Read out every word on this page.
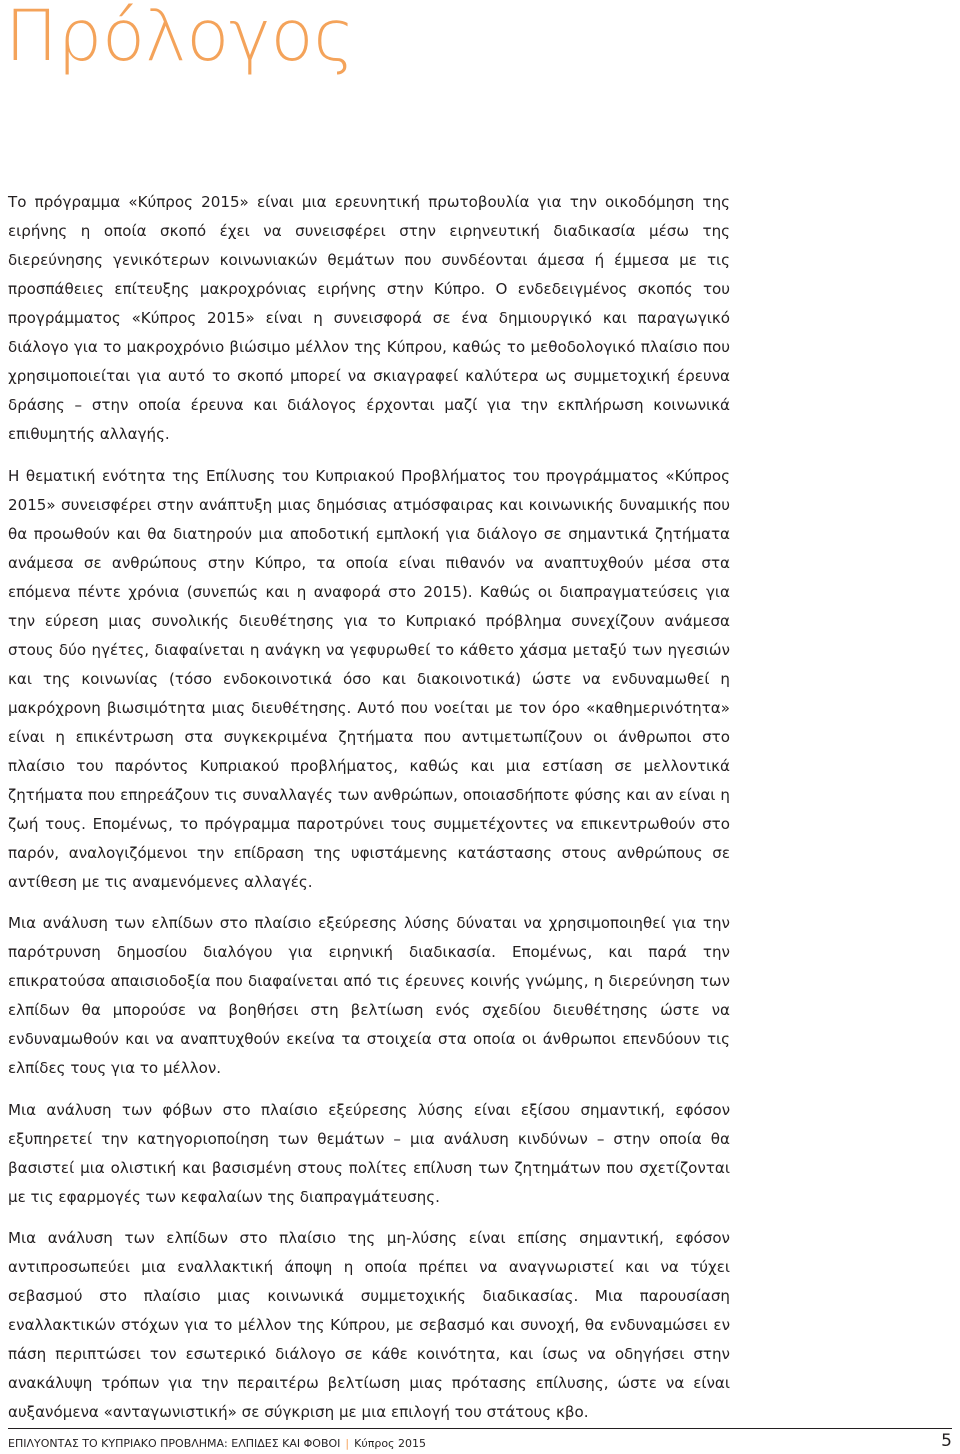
Πρόλογος

Το πρόγραμμα «Κύπρος 2015» είναι μια ερευνητική πρωτοβουλία για την οικοδόμηση της ειρήνης η οποία σκοπό έχει να συνεισφέρει στην ειρηνευτική διαδικασία μέσω της διερεύνησης γενικότερων κοινωνιακών θεμάτων που συνδέονται άμεσα ή έμμεσα με τις προσπάθειες επίτευξης μακροχρόνιας ειρήνης στην Κύπρο. Ο ενδεδειγμένος σκοπός του προγράμματος «Κύπρος 2015» είναι η συνεισφορά σε ένα δημιουργικό και παραγωγικό διάλογο για το μακροχρόνιο βιώσιμο μέλλον της Κύπρου, καθώς το μεθοδολογικό πλαίσιο που χρησιμοποιείται για αυτό το σκοπό μπορεί να σκιαγραφεί καλύτερα ως συμμετοχική έρευνα δράσης – στην οποία έρευνα και διάλογος έρχονται μαζί για την εκπλήρωση κοινωνικά επιθυμητής αλλαγής.

Η θεματική ενότητα της Επίλυσης του Κυπριακού Προβλήματος του προγράμματος «Κύπρος 2015» συνεισφέρει στην ανάπτυξη μιας δημόσιας ατμόσφαιρας και κοινωνικής δυναμικής που θα προωθούν και θα διατηρούν μια αποδοτική εμπλοκή για διάλογο σε σημαντικά ζητήματα ανάμεσα σε ανθρώπους στην Κύπρο, τα οποία είναι πιθανόν να αναπτυχθούν μέσα στα επόμενα πέντε χρόνια (συνεπώς και η αναφορά στο 2015). Καθώς οι διαπραγματεύσεις για την εύρεση μιας συνολικής διευθέτησης για το Κυπριακό πρόβλημα συνεχίζουν ανάμεσα στους δύο ηγέτες, διαφαίνεται η ανάγκη να γεφυρωθεί το κάθετο χάσμα μεταξύ των ηγεσιών και της κοινωνίας (τόσο ενδοκοινοτικά όσο και διακοινοτικά) ώστε να ενδυναμωθεί η μακρόχρονη βιωσιμότητα μιας διευθέτησης. Αυτό που νοείται με τον όρο «καθημερινότητα» είναι η επικέντρωση στα συγκεκριμένα ζητήματα που αντιμετωπίζουν οι άνθρωποι στο πλαίσιο του παρόντος Κυπριακού προβλήματος, καθώς και μια εστίαση σε μελλοντικά ζητήματα που επηρεάζουν τις συναλλαγές των ανθρώπων, οποιασδήποτε φύσης και αν είναι η ζωή τους. Επομένως, το πρόγραμμα παροτρύνει τους συμμετέχοντες να επικεντρωθούν στο παρόν, αναλογιζόμενοι την επίδραση της υφιστάμενης κατάστασης στους ανθρώπους σε αντίθεση με τις αναμενόμενες αλλαγές.

Μια ανάλυση των ελπίδων στο πλαίσιο εξεύρεσης λύσης δύναται να χρησιμοποιηθεί για την παρότρυνση δημοσίου διαλόγου για ειρηνική διαδικασία. Επομένως, και παρά την επικρατούσα απαισιοδοξία που διαφαίνεται από τις έρευνες κοινής γνώμης, η διερεύνηση των ελπίδων θα μπορούσε να βοηθήσει στη βελτίωση ενός σχεδίου διευθέτησης ώστε να ενδυναμωθούν και να αναπτυχθούν εκείνα τα στοιχεία στα οποία οι άνθρωποι επενδύουν τις ελπίδες τους για το μέλλον.

Μια ανάλυση των φόβων στο πλαίσιο εξεύρεσης λύσης είναι εξίσου σημαντική, εφόσον εξυπηρετεί την κατηγοριοποίηση των θεμάτων – μια ανάλυση κινδύνων – στην οποία θα βασιστεί μια ολιστική και βασισμένη στους πολίτες επίλυση των ζητημάτων που σχετίζονται με τις εφαρμογές των κεφαλαίων της διαπραγμάτευσης.

Μια ανάλυση των ελπίδων στο πλαίσιο της μη-λύσης είναι επίσης σημαντική, εφόσον αντιπροσωπεύει μια εναλλακτική άποψη η οποία πρέπει να αναγνωριστεί και να τύχει σεβασμού στο πλαίσιο μιας κοινωνικά συμμετοχικής διαδικασίας. Μια παρουσίαση εναλλακτικών στόχων για το μέλλον της Κύπρου, με σεβασμό και συνοχή, θα ενδυναμώσει εν πάση περιπτώσει τον εσωτερικό διάλογο σε κάθε κοινότητα, και ίσως να οδηγήσει στην ανακάλυψη τρόπων για την περαιτέρω βελτίωση μιας πρότασης επίλυσης, ώστε να είναι αυξανόμενα «ανταγωνιστική» σε σύγκριση με μια επιλογή του στάτους κβο.

ΕΠΙΛΥΟΝΤΑΣ ΤΟ ΚΥΠΡΙΑΚΟ ΠΡΟΒΛΗΜΑ: ΕΛΠΙΔΕΣ ΚΑΙ ΦΟΒΟΙ | Κύπρος 2015	5
